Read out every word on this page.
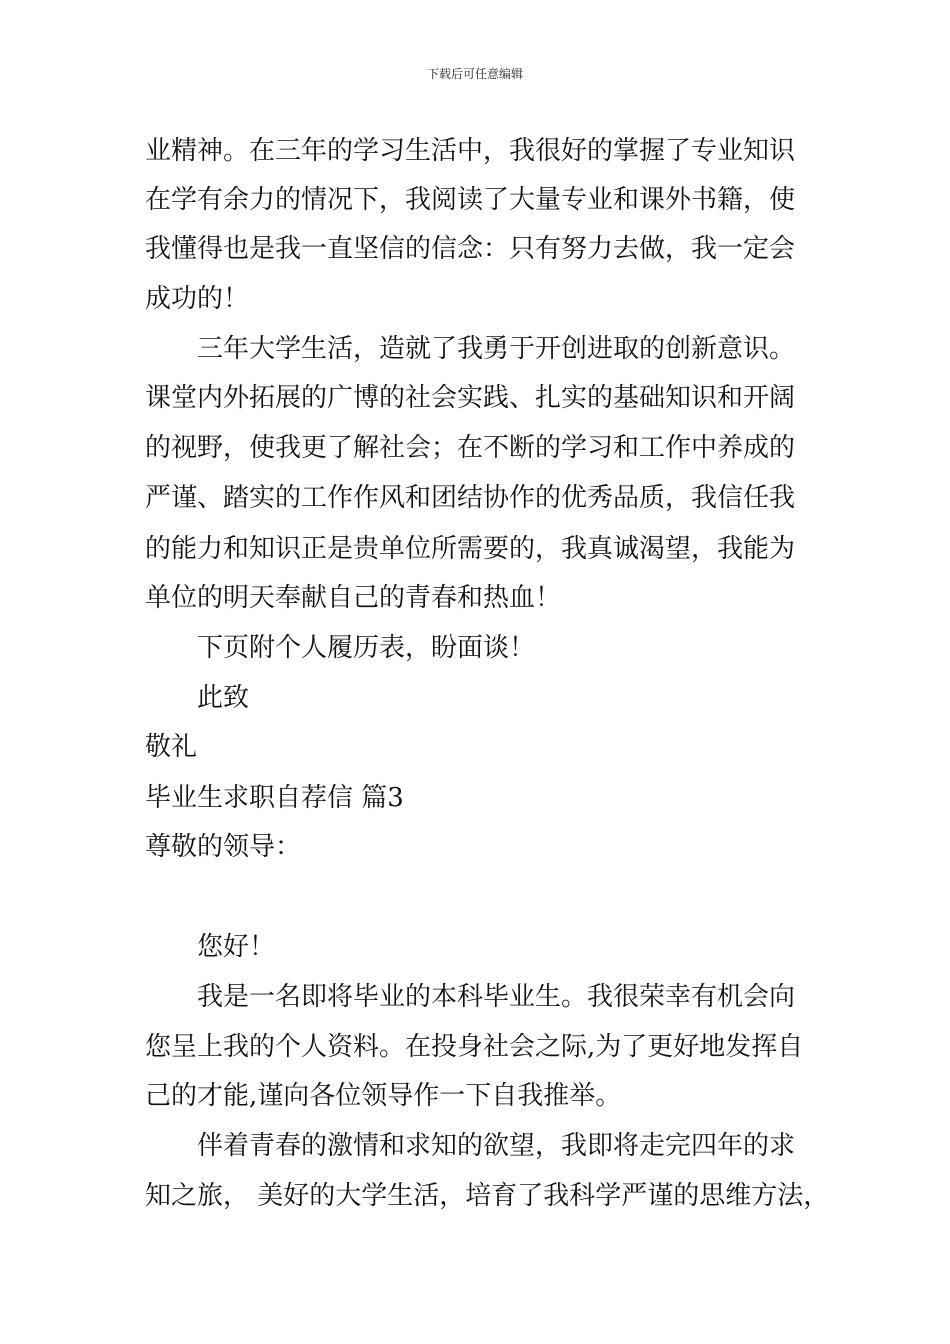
下载后可任意编辑
业精神。在三年的学习生活中，我很好的掌握了专业知识
在学有余力的情况下，我阅读了大量专业和课外书籍，使
我懂得也是我一直坚信的信念：只有努力去做，我一定会
成功的！
三年大学生活，造就了我勇于开创进取的创新意识。
课堂内外拓展的广博的社会实践、扎实的基础知识和开阔
的视野，使我更了解社会；在不断的学习和工作中养成的
严谨、踏实的工作作风和团结协作的优秀品质，我信任我
的能力和知识正是贵单位所需要的，我真诚渴望，我能为
单位的明天奉献自己的青春和热血！
下页附个人履历表，盼面谈！
此致
敬礼
毕业生求职自荐信 篇3
尊敬的领导：
您好！
我是一名即将毕业的本科毕业生。我很荣幸有机会向
您呈上我的个人资料。在投身社会之际,为了更好地发挥自
己的才能,谨向各位领导作一下自我推举。
伴着青春的激情和求知的欲望，我即将走完四年的求
知之旅， 美好的大学生活，培育了我科学严谨的思维方法，
